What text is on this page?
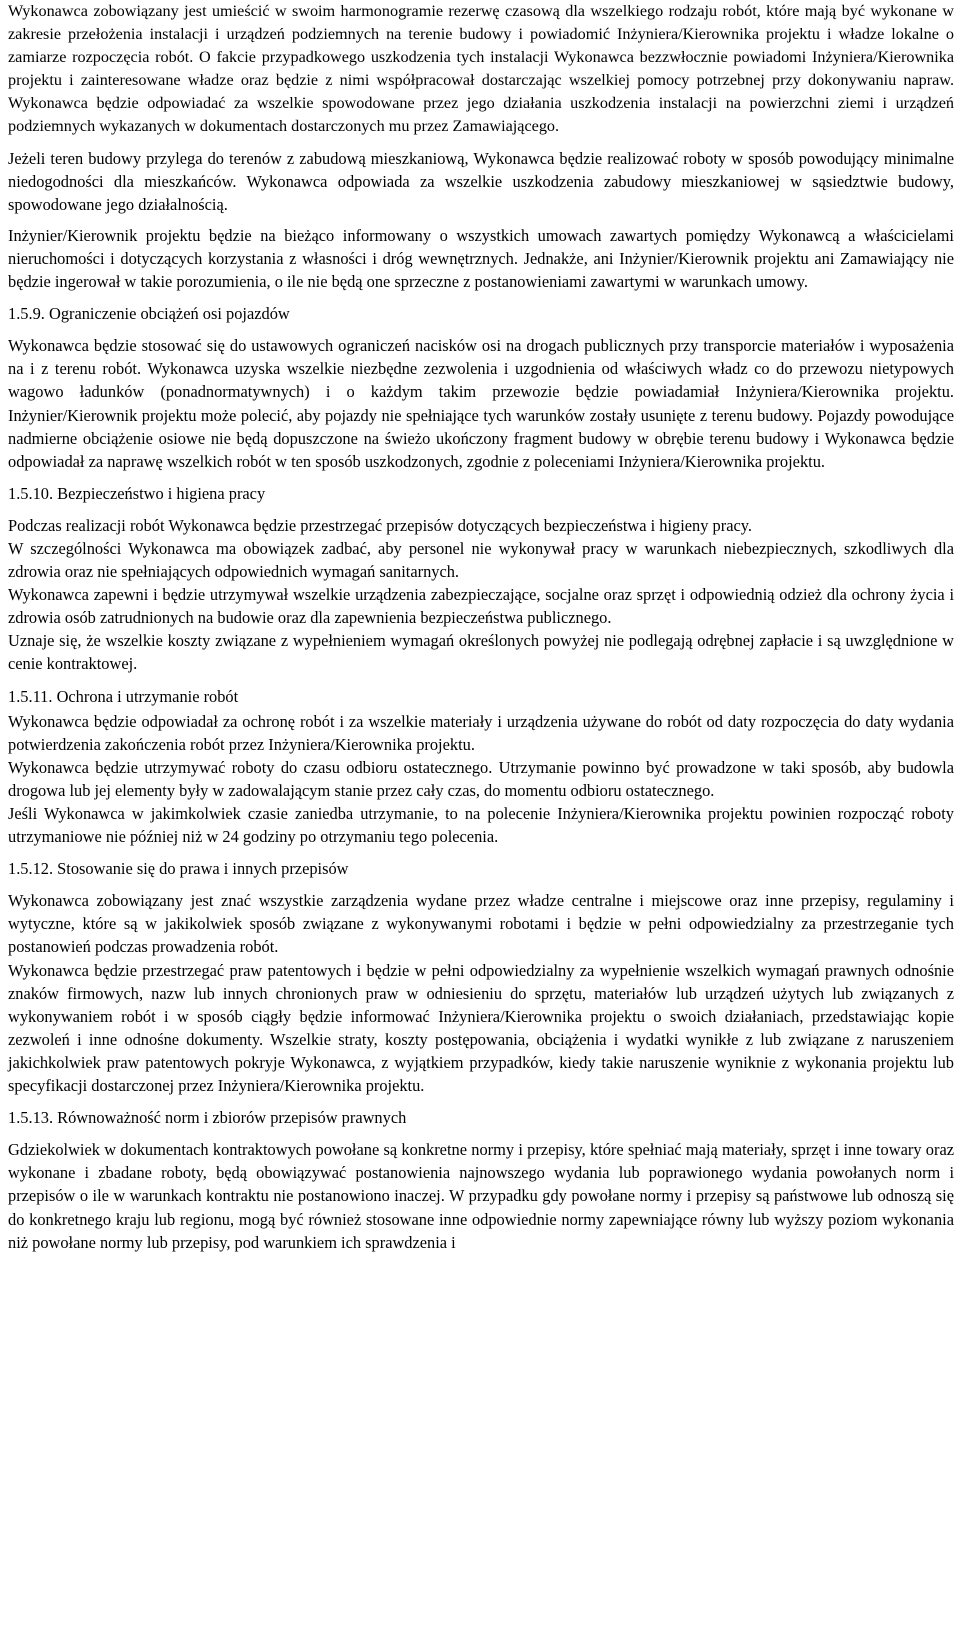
Wykonawca zobowiązany jest umieścić w swoim harmonogramie rezerwę czasową dla wszelkiego rodzaju robót, które mają być wykonane w zakresie przełożenia instalacji i urządzeń podziemnych na terenie budowy i powiadomić Inżyniera/Kierownika projektu i władze lokalne o zamiarze rozpoczęcia robót. O fakcie przypadkowego uszkodzenia tych instalacji Wykonawca bezzwłocznie powiadomi Inżyniera/Kierownika projektu i zainteresowane władze oraz będzie z nimi współpracował dostarczając wszelkiej pomocy potrzebnej przy dokonywaniu napraw. Wykonawca będzie odpowiadać za wszelkie spowodowane przez jego działania uszkodzenia instalacji na powierzchni ziemi i urządzeń podziemnych wykazanych w dokumentach dostarczonych mu przez Zamawiającego.

Jeżeli teren budowy przylega do terenów z zabudową mieszkaniową, Wykonawca będzie realizować roboty w sposób powodujący minimalne niedogodności dla mieszkańców. Wykonawca odpowiada za wszelkie uszkodzenia zabudowy mieszkaniowej w sąsiedztwie budowy, spowodowane jego działalnością.

Inżynier/Kierownik projektu będzie na bieżąco informowany o wszystkich umowach zawartych pomiędzy Wykonawcą a właścicielami nieruchomości i dotyczących korzystania z własności i dróg wewnętrznych. Jednakże, ani Inżynier/Kierownik projektu ani Zamawiający nie będzie ingerował w takie porozumienia, o ile nie będą one sprzeczne z postanowieniami zawartymi w warunkach umowy.

1.5.9. Ograniczenie obciążeń osi pojazdów

Wykonawca będzie stosować się do ustawowych ograniczeń nacisków osi na drogach publicznych przy transporcie materiałów i wyposażenia na i z terenu robót. Wykonawca uzyska wszelkie niezbędne zezwolenia i uzgodnienia od właściwych władz co do przewozu nietypowych wagowo ładunków (ponadnormatywnych) i o każdym takim przewozie będzie powiadamiał Inżyniera/Kierownika projektu. Inżynier/Kierownik projektu może polecić, aby pojazdy nie spełniające tych warunków zostały usunięte z terenu budowy. Pojazdy powodujące nadmierne obciążenie osiowe nie będą dopuszczone na świeżo ukończony fragment budowy w obrębie terenu budowy i Wykonawca będzie odpowiadał za naprawę wszelkich robót w ten sposób uszkodzonych, zgodnie z poleceniami Inżyniera/Kierownika projektu.

1.5.10. Bezpieczeństwo i higiena pracy

Podczas realizacji robót Wykonawca będzie przestrzegać przepisów dotyczących bezpieczeństwa i higieny pracy.

W szczególności Wykonawca ma obowiązek zadbać, aby personel nie wykonywał pracy w warunkach niebezpiecznych, szkodliwych dla zdrowia oraz nie spełniających odpowiednich wymagań sanitarnych.

Wykonawca zapewni i będzie utrzymywał wszelkie urządzenia zabezpieczające, socjalne oraz sprzęt i odpowiednią odzież dla ochrony życia i zdrowia osób zatrudnionych na budowie oraz dla zapewnienia bezpieczeństwa publicznego.

Uznaje się, że wszelkie koszty związane z wypełnieniem wymagań określonych powyżej nie podlegają odrębnej zapłacie i są uwzględnione w cenie kontraktowej.

1.5.11. Ochrona i utrzymanie robót

Wykonawca będzie odpowiadał za ochronę robót i za wszelkie materiały i urządzenia używane do robót od daty rozpoczęcia do daty wydania potwierdzenia zakończenia robót przez Inżyniera/Kierownika projektu.

Wykonawca będzie utrzymywać roboty do czasu odbioru ostatecznego. Utrzymanie powinno być prowadzone w taki sposób, aby budowla drogowa lub jej elementy były w zadowalającym stanie przez cały czas, do momentu odbioru ostatecznego.

Jeśli Wykonawca w jakimkolwiek czasie zaniedba utrzymanie, to na polecenie Inżyniera/Kierownika projektu powinien rozpocząć roboty utrzymaniowe nie później niż w 24 godziny po otrzymaniu tego polecenia.

1.5.12. Stosowanie się do prawa i innych przepisów

Wykonawca zobowiązany jest znać wszystkie zarządzenia wydane przez władze centralne i miejscowe oraz inne przepisy, regulaminy i wytyczne, które są w jakikolwiek sposób związane z wykonywanymi robotami i będzie w pełni odpowiedzialny za przestrzeganie tych postanowień podczas prowadzenia robót.

Wykonawca będzie przestrzegać praw patentowych i będzie w pełni odpowiedzialny za wypełnienie wszelkich wymagań prawnych odnośnie znaków firmowych, nazw lub innych chronionych praw w odniesieniu do sprzętu, materiałów lub urządzeń użytych lub związanych z wykonywaniem robót i w sposób ciągły będzie informować Inżyniera/Kierownika projektu o swoich działaniach, przedstawiając kopie zezwoleń i inne odnośne dokumenty. Wszelkie straty, koszty postępowania, obciążenia i wydatki wynikłe z lub związane z naruszeniem jakichkolwiek praw patentowych pokryje Wykonawca, z wyjątkiem przypadków, kiedy takie naruszenie wyniknie z wykonania projektu lub specyfikacji dostarczonej przez Inżyniera/Kierownika projektu.

1.5.13. Równoważność norm i zbiorów przepisów prawnych

Gdziekolwiek w dokumentach kontraktowych powołane są konkretne normy i przepisy, które spełniać mają materiały, sprzęt i inne towary oraz wykonane i zbadane roboty, będą obowiązywać postanowienia najnowszego wydania lub poprawionego wydania powołanych norm i przepisów o ile w warunkach kontraktu nie postanowiono inaczej. W przypadku gdy powołane normy i przepisy są państwowe lub odnoszą się do konkretnego kraju lub regionu, mogą być również stosowane inne odpowiednie normy zapewniające równy lub wyższy poziom wykonania niż powołane normy lub przepisy, pod warunkiem ich sprawdzenia i
